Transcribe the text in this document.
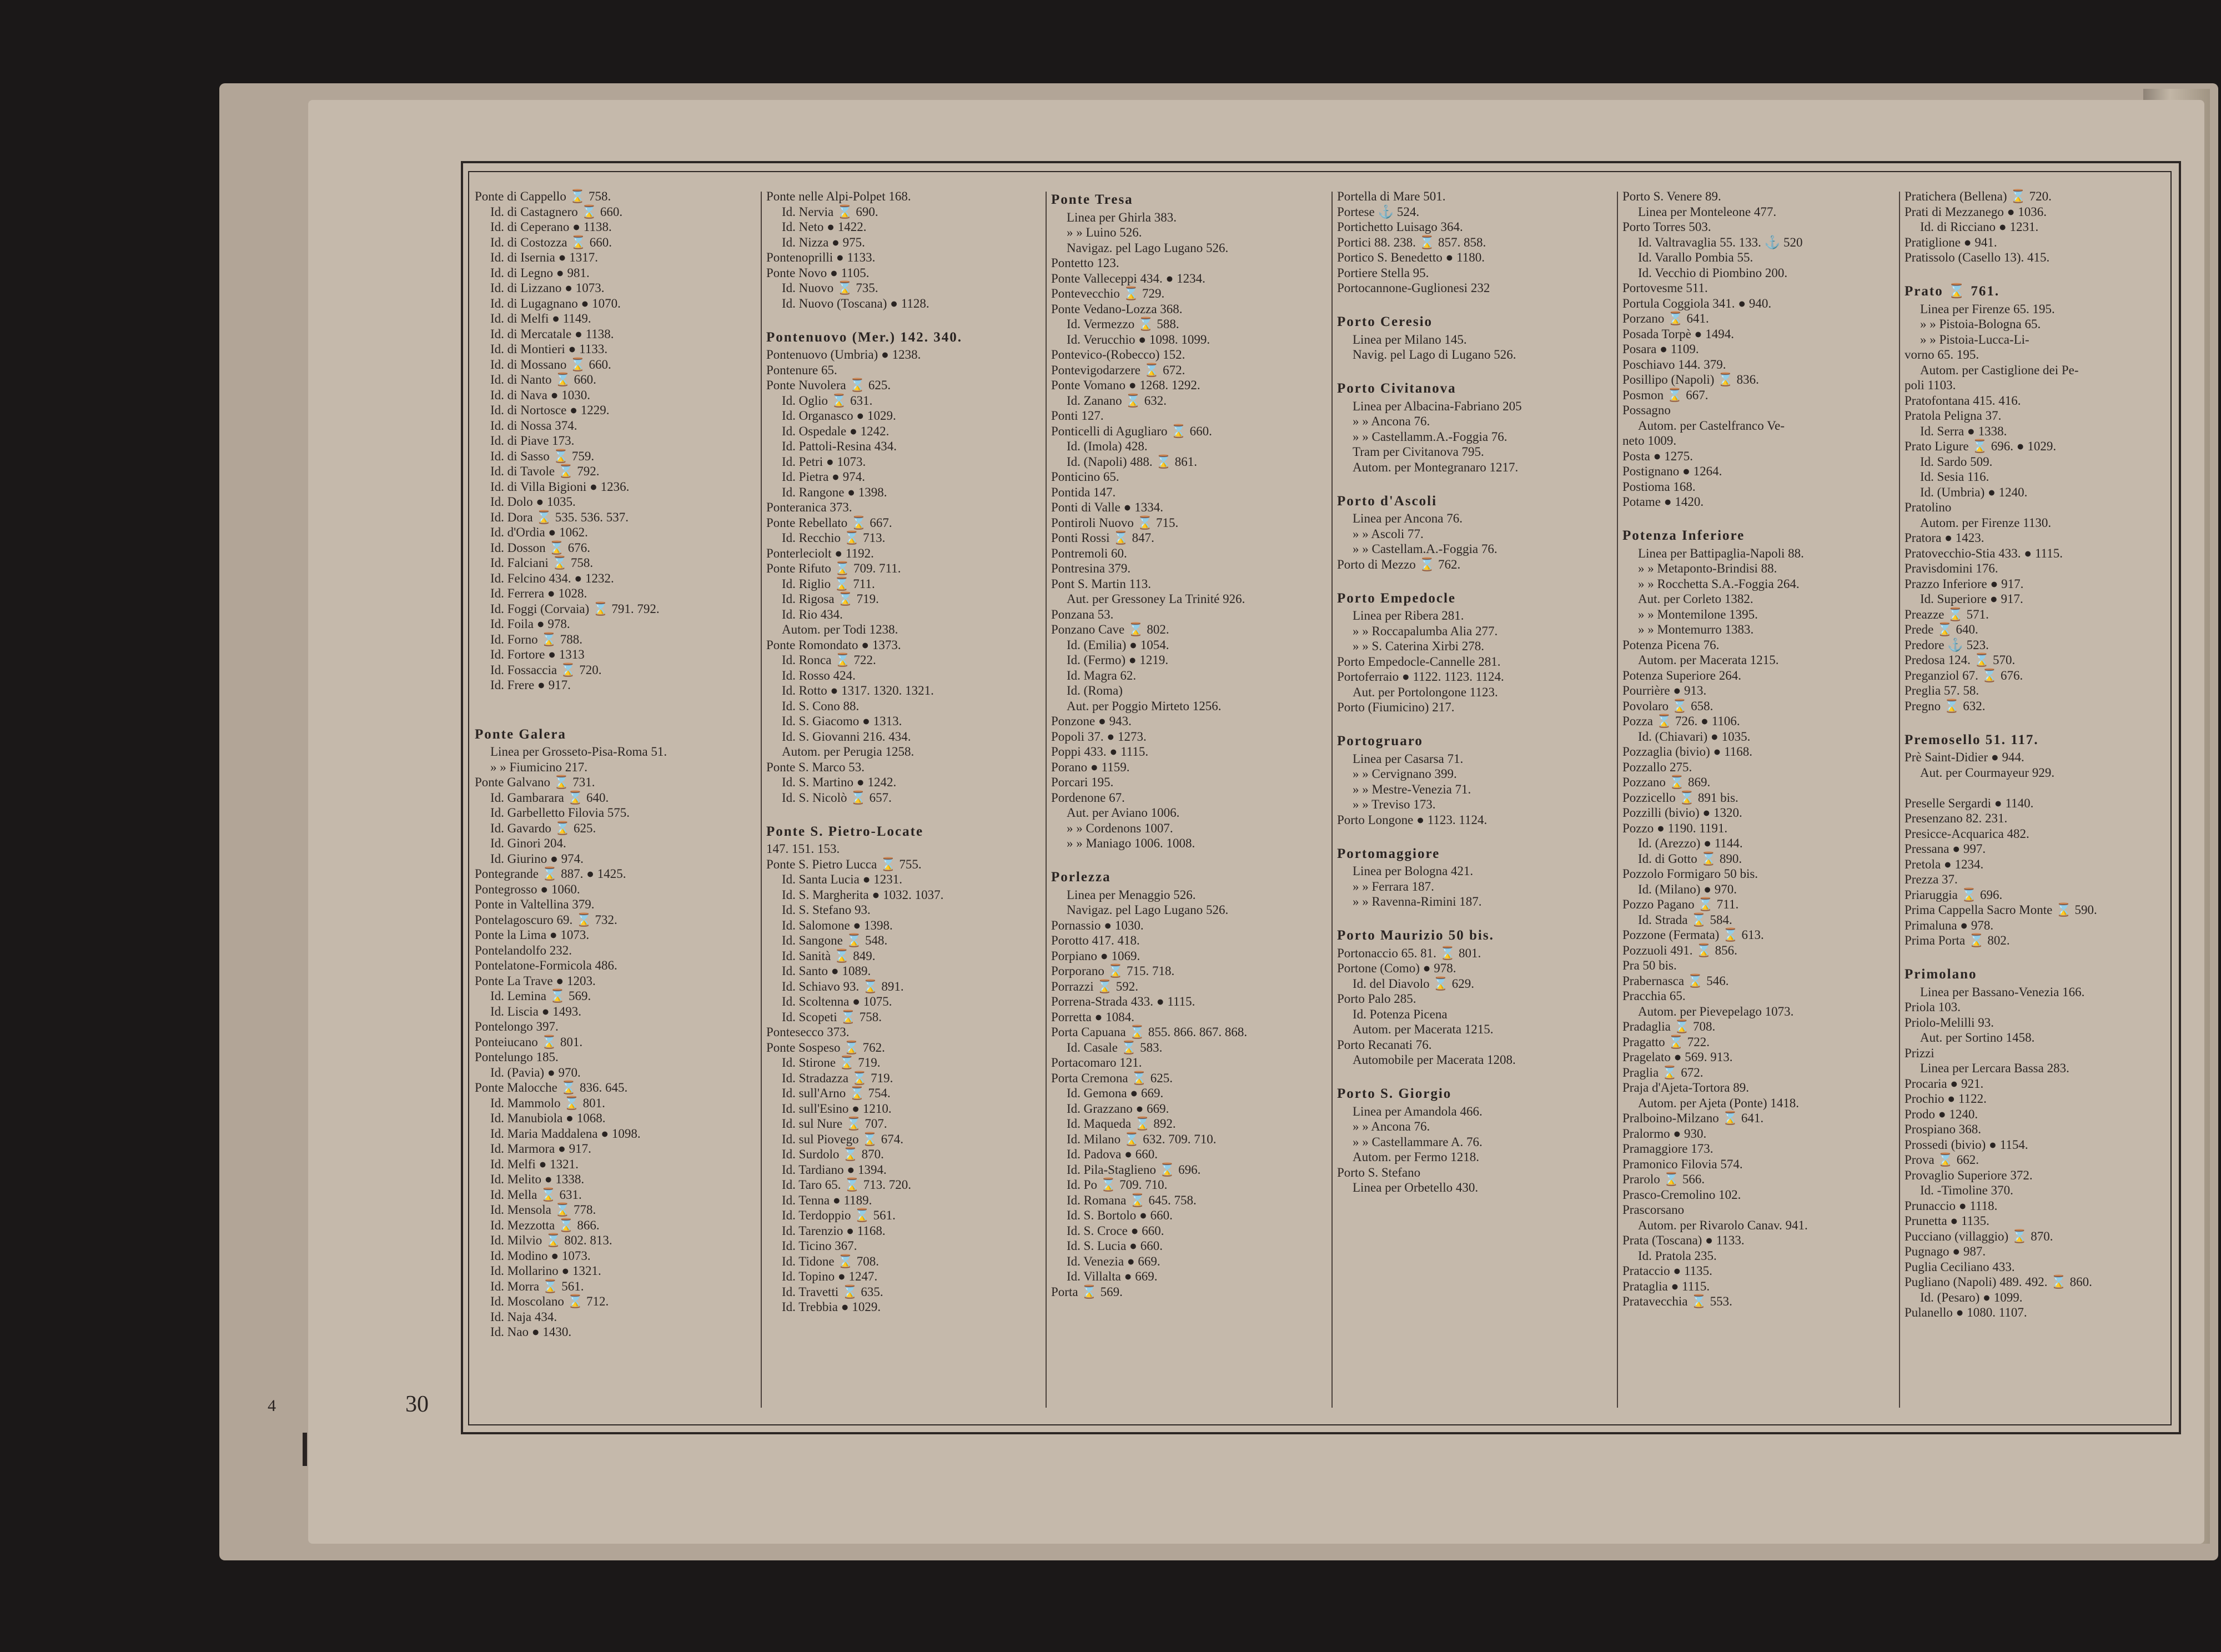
Ponte di Cappello ⌛ 758.
Id. di Castagnero ⌛ 660.
Id. di Ceperano ● 1138.
Id. di Costozza ⌛ 660.
Id. di Isernia ● 1317.
Id. di Legno ● 981.
Id. di Lizzano ● 1073.
Id. di Lugagnano ● 1070.
Id. di Melfi ● 1149.
Id. di Mercatale ● 1138.
Id. di Montieri ● 1133.
Id. di Mossano ⌛ 660.
Id. di Nanto ⌛ 660.
Id. di Nava ● 1030.
Id. di Nortosce ● 1229.
Id. di Nossa 374.
Id. di Piave 173.
Id. di Sasso ⌛ 759.
Id. di Tavole ⌛ 792.
Id. di Villa Bigioni ● 1236.
Id. Dolo ● 1035.
Id. Dora ⌛ 535. 536. 537.
Id. d'Ordia ● 1062.
Id. Dosson ⌛ 676.
Id. Falciani ⌛ 758.
Id. Felcino 434. ● 1232.
Id. Ferrera ● 1028.
Id. Foggi (Corvaia) ⌛ 791. 792.
Id. Foila ● 978.
Id. Forno ⌛ 788.
Id. Fortore ● 1313
Id. Fossaccia ⌛ 720.
Id. Frere ● 917.
Ponte Galera
Linea per Grosseto-Pisa-Roma 51.
» » Fiumicino 217.
Ponte Galvano ⌛ 731.
Id. Gambarara ⌛ 640.
Id. Garbelletto Filovia 575.
Id. Gavardo ⌛ 625.
Id. Ginori 204.
Id. Giurino ● 974.
Pontegrande ⌛ 887. ● 1425.
Pontegrosso ● 1060.
Ponte in Valtellina 379.
Pontelagoscuro 69. ⌛ 732.
Ponte la Lima ● 1073.
Pontelandolfo 232.
Pontelatone-Formicola 486.
Ponte La Trave ● 1203.
Id. Lemina ⌛ 569.
Id. Liscia ● 1493.
Pontelongo 397.
Ponteiucano ⌛ 801.
Pontelungo 185.
Id. (Pavia) ● 970.
Ponte Malocche ⌛ 836. 645.
Id. Mammolo ⌛ 801.
Id. Manubiola ● 1068.
Id. Maria Maddalena ● 1098.
Id. Marmora ● 917.
Id. Melfi ● 1321.
Id. Melito ● 1338.
Id. Mella ⌛ 631.
Id. Mensola ⌛ 778.
Id. Mezzotta ⌛ 866.
Id. Milvio ⌛ 802. 813.
Id. Modino ● 1073.
Id. Mollarino ● 1321.
Id. Morra ⌛ 561.
Id. Moscolano ⌛ 712.
Id. Naja 434.
Id. Nao ● 1430.
Ponte nelle Alpi-Polpet 168.
Id. Nervia ⌛ 690.
Id. Neto ● 1422.
Id. Nizza ● 975.
Pontenoprilli ● 1133.
Ponte Novo ● 1105.
Id. Nuovo ⌛ 735.
Id. Nuovo (Toscana) ● 1128.
Pontenuovo (Mer.) 142. 340.
Pontenuovo (Umbria) ● 1238.
Pontenure 65.
Ponte Nuvolera ⌛ 625.
Id. Oglio ⌛ 631.
Id. Organasco ● 1029.
Id. Ospedale ● 1242.
Id. Pattoli-Resina 434.
Id. Petri ● 1073.
Id. Pietra ● 974.
Id. Rangone ● 1398.
Ponteranica 373.
Ponte Rebellato ⌛ 667.
Id. Recchio ⌛ 713.
Ponterleciolt ● 1192.
Ponte Rifuto ⌛ 709. 711.
Id. Riglio ⌛ 711.
Id. Rigosa ⌛ 719.
Id. Rio 434.
Autom. per Todi 1238.
Ponte Romondato ● 1373.
Id. Ronca ⌛ 722.
Id. Rosso 424.
Id. Rotto ● 1317. 1320. 1321.
Id. S. Cono 88.
Id. S. Giacomo ● 1313.
Id. S. Giovanni 216. 434.
Autom. per Perugia 1258.
Ponte S. Marco 53.
Id. S. Martino ● 1242.
Id. S. Nicolò ⌛ 657.
Ponte S. Pietro-Locate
147. 151. 153.
Ponte S. Pietro Lucca ⌛ 755.
Id. Santa Lucia ● 1231.
Id. S. Margherita ● 1032. 1037.
Id. S. Stefano 93.
Id. Salomone ● 1398.
Id. Sangone ⌛ 548.
Id. Sanità ⌛ 849.
Id. Santo ● 1089.
Id. Schiavo 93. ⌛ 891.
Id. Scoltenna ● 1075.
Id. Scopeti ⌛ 758.
Pontesecco 373.
Ponte Sospeso ⌛ 762.
Id. Stirone ⌛ 719.
Id. Stradazza ⌛ 719.
Id. sull'Arno ⌛ 754.
Id. sull'Esino ● 1210.
Id. sul Nure ⌛ 707.
Id. sul Piovego ⌛ 674.
Id. Surdolo ⌛ 870.
Id. Tardiano ● 1394.
Id. Taro 65. ⌛ 713. 720.
Id. Tenna ● 1189.
Id. Terdoppio ⌛ 561.
Id. Tarenzio ● 1168.
Id. Ticino 367.
Id. Tidone ⌛ 708.
Id. Topino ● 1247.
Id. Travetti ⌛ 635.
Id. Trebbia ● 1029.
Ponte Tresa
Linea per Ghirla 383.
» » Luino 526.
Navigaz. pel Lago Lugano 526.
Pontetto 123.
Ponte Valleceppi 434. ● 1234.
Pontevecchio ⌛ 729.
Ponte Vedano-Lozza 368.
Id. Vermezzo ⌛ 588.
Id. Verucchio ● 1098. 1099.
Pontevico-(Robecco) 152.
Pontevigodarzere ⌛ 672.
Ponte Vomano ● 1268. 1292.
Id. Zanano ⌛ 632.
Ponti 127.
Ponticelli di Agugliaro ⌛ 660.
Id. (Imola) 428.
Id. (Napoli) 488. ⌛ 861.
Ponticino 65.
Pontida 147.
Ponti di Valle ● 1334.
Pontiroli Nuovo ⌛ 715.
Ponti Rossi ⌛ 847.
Pontremoli 60.
Pontresina 379.
Pont S. Martin 113.
Aut. per Gressoney La Trinité 926.
Ponzana 53.
Ponzano Cave ⌛ 802.
Id. (Emilia) ● 1054.
Id. (Fermo) ● 1219.
Id. Magra 62.
Id. (Roma)
Aut. per Poggio Mirteto 1256.
Ponzone ● 943.
Popoli 37. ● 1273.
Poppi 433. ● 1115.
Porano ● 1159.
Porcari 195.
Pordenone 67.
Aut. per Aviano 1006.
» » Cordenons 1007.
» » Maniago 1006. 1008.
Porlezza
Linea per Menaggio 526.
Navigaz. pel Lago Lugano 526.
Pornassio ● 1030.
Porotto 417. 418.
Porpiano ● 1069.
Porporano ⌛ 715. 718.
Porrazzi ⌛ 592.
Porrena-Strada 433. ● 1115.
Porretta ● 1084.
Porta Capuana ⌛ 855. 866. 867. 868.
Id. Casale ⌛ 583.
Portacomaro 121.
Porta Cremona ⌛ 625.
Id. Gemona ● 669.
Id. Grazzano ● 669.
Id. Maqueda ⌛ 892.
Id. Milano ⌛ 632. 709. 710.
Id. Padova ● 660.
Id. Pila-Staglieno ⌛ 696.
Id. Po ⌛ 709. 710.
Id. Romana ⌛ 645. 758.
Id. S. Bortolo ● 660.
Id. S. Croce ● 660.
Id. S. Lucia ● 660.
Id. Venezia ● 669.
Id. Villalta ● 669.
Porta ⌛ 569.
Portella di Mare 501.
Portese ⚓ 524.
Portichetto Luisago 364.
Portici 88. 238. ⌛ 857. 858.
Portico S. Benedetto ● 1180.
Portiere Stella 95.
Portocannone-Guglionesi 232
Porto Ceresio
Linea per Milano 145.
Navig. pel Lago di Lugano 526.
Porto Civitanova
Linea per Albacina-Fabriano 205
» » Ancona 76.
» » Castellamm.A.-Foggia 76.
Tram per Civitanova 795.
Autom. per Montegranaro 1217.
Porto d'Ascoli
Linea per Ancona 76.
» » Ascoli 77.
» » Castellam.A.-Foggia 76.
Porto di Mezzo ⌛ 762.
Porto Empedocle
Linea per Ribera 281.
» » Roccapalumba Alia 277.
» » S. Caterina Xirbi 278.
Porto Empedocle-Cannelle 281.
Portoferraio ● 1122. 1123. 1124.
Aut. per Portolongone 1123.
Porto (Fiumicino) 217.
Portogruaro
Linea per Casarsa 71.
» » Cervignano 399.
» » Mestre-Venezia 71.
» » Treviso 173.
Porto Longone ● 1123. 1124.
Portomaggiore
Linea per Bologna 421.
» » Ferrara 187.
» » Ravenna-Rimini 187.
Porto Maurizio 50 bis.
Portonaccio 65. 81. ⌛ 801.
Portone (Como) ● 978.
Id. del Diavolo ⌛ 629.
Porto Palo 285.
Id. Potenza Picena
Autom. per Macerata 1215.
Porto Recanati 76.
Automobile per Macerata 1208.
Porto S. Giorgio
Linea per Amandola 466.
» » Ancona 76.
» » Castellammare A. 76.
Autom. per Fermo 1218.
Porto S. Stefano
Linea per Orbetello 430.
Porto S. Venere 89.
Linea per Monteleone 477.
Porto Torres 503.
Id. Valtravaglia 55. 133. ⚓ 520
Id. Varallo Pombia 55.
Id. Vecchio di Piombino 200.
Portovesme 511.
Portula Coggiola 341. ● 940.
Porzano ⌛ 641.
Posada Torpè ● 1494.
Posara ● 1109.
Poschiavo 144. 379.
Posillipo (Napoli) ⌛ 836.
Posmon ⌛ 667.
Possagno
Autom. per Castelfranco Ve-
neto 1009.
Posta ● 1275.
Postignano ● 1264.
Postioma 168.
Potame ● 1420.
Potenza Inferiore
Linea per Battipaglia-Napoli 88.
» » Metaponto-Brindisi 88.
» » Rocchetta S.A.-Foggia 264.
Aut. per Corleto 1382.
» » Montemilone 1395.
» » Montemurro 1383.
Potenza Picena 76.
Autom. per Macerata 1215.
Potenza Superiore 264.
Pourrière ● 913.
Povolaro ⌛ 658.
Pozza ⌛ 726. ● 1106.
Id. (Chiavari) ● 1035.
Pozzaglia (bivio) ● 1168.
Pozzallo 275.
Pozzano ⌛ 869.
Pozzicello ⌛ 891 bis.
Pozzilli (bivio) ● 1320.
Pozzo ● 1190. 1191.
Id. (Arezzo) ● 1144.
Id. di Gotto ⌛ 890.
Pozzolo Formigaro 50 bis.
Id. (Milano) ● 970.
Pozzo Pagano ⌛ 711.
Id. Strada ⌛ 584.
Pozzone (Fermata) ⌛ 613.
Pozzuoli 491. ⌛ 856.
Pra 50 bis.
Prabernasca ⌛ 546.
Pracchia 65.
Autom. per Pievepelago 1073.
Pradaglia ⌛ 708.
Pragatto ⌛ 722.
Pragelato ● 569. 913.
Praglia ⌛ 672.
Praja d'Ajeta-Tortora 89.
Autom. per Ajeta (Ponte) 1418.
Pralboino-Milzano ⌛ 641.
Pralormo ● 930.
Pramaggiore 173.
Pramonico Filovia 574.
Prarolo ⌛ 566.
Prasco-Cremolino 102.
Prascorsano
Autom. per Rivarolo Canav. 941.
Prata (Toscana) ● 1133.
Id. Pratola 235.
Prataccio ● 1135.
Prataglia ● 1115.
Pratavecchia ⌛ 553.
Pratichera (Bellena) ⌛ 720.
Prati di Mezzanego ● 1036.
Id. di Ricciano ● 1231.
Pratiglione ● 941.
Pratissolo (Casello 13). 415.
Prato ⌛ 761.
Linea per Firenze 65. 195.
» » Pistoia-Bologna 65.
» » Pistoia-Lucca-Li-
vorno 65. 195.
Autom. per Castiglione dei Pe-
poli 1103.
Pratofontana 415. 416.
Pratola Peligna 37.
Id. Serra ● 1338.
Prato Ligure ⌛ 696. ● 1029.
Id. Sardo 509.
Id. Sesia 116.
Id. (Umbria) ● 1240.
Pratolino
Autom. per Firenze 1130.
Pratora ● 1423.
Pratovecchio-Stia 433. ● 1115.
Pravisdomini 176.
Prazzo Inferiore ● 917.
Id. Superiore ● 917.
Preazze ⌛ 571.
Prede ⌛ 640.
Predore ⚓ 523.
Predosa 124. ⌛ 570.
Preganziol 67. ⌛ 676.
Preglia 57. 58.
Pregno ⌛ 632.
Premosello 51. 117.
Prè Saint-Didier ● 944.
Aut. per Courmayeur 929.
Preselle Sergardi ● 1140.
Presenzano 82. 231.
Presicce-Acquarica 482.
Pressana ● 997.
Pretola ● 1234.
Prezza 37.
Priaruggia ⌛ 696.
Prima Cappella Sacro Monte ⌛ 590.
Primaluna ● 978.
Prima Porta ⌛ 802.
Primolano
Linea per Bassano-Venezia 166.
Priola 103.
Priolo-Melilli 93.
Aut. per Sortino 1458.
Prizzi
Linea per Lercara Bassa 283.
Procaria ● 921.
Prochio ● 1122.
Prodo ● 1240.
Prospiano 368.
Prossedi (bivio) ● 1154.
Prova ⌛ 662.
Provaglio Superiore 372.
Id. -Timoline 370.
Prunaccio ● 1118.
Prunetta ● 1135.
Pucciano (villaggio) ⌛ 870.
Pugnago ● 987.
Puglia Ceciliano 433.
Pugliano (Napoli) 489. 492. ⌛ 860.
Id. (Pesaro) ● 1099.
Pulanello ● 1080. 1107.
30
4
